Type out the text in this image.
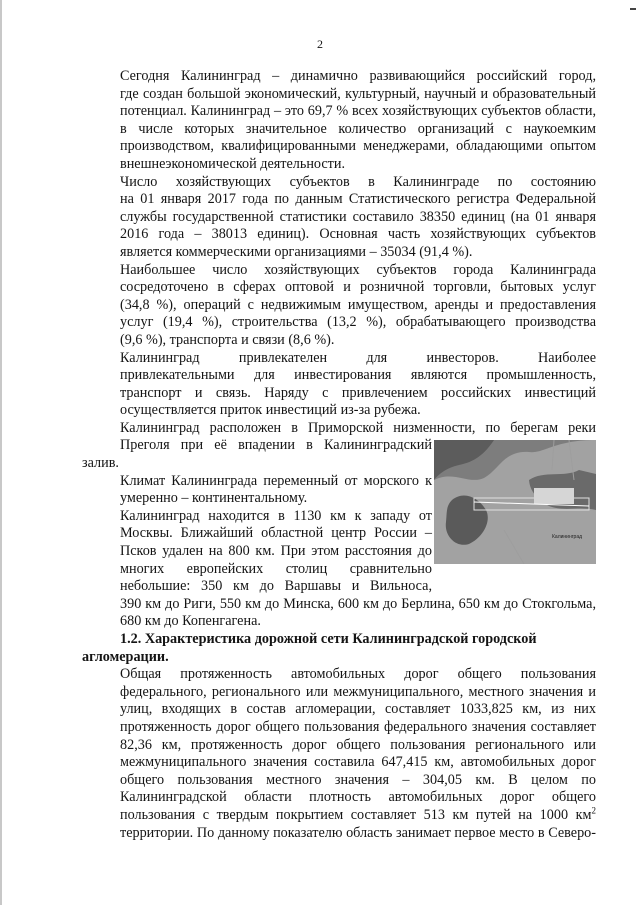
2

Сегодня Калининград – динамично развивающийся российский город,
где создан большой экономический, культурный, научный и образовательный
потенциал. Калининград – это 69,7 % всех хозяйствующих субъектов области,
в числе которых значительное количество организаций с наукоемким
производством, квалифицированными менеджерами, обладающими опытом
внешнеэкономической деятельности.

Число хозяйствующих субъектов в Калининграде по состоянию
на 01 января 2017 года по данным Статистического регистра Федеральной
службы государственной статистики составило 38350 единиц (на 01 января
2016 года – 38013 единиц). Основная часть хозяйствующих субъектов
является коммерческими организациями – 35034 (91,4 %).

Наибольшее число хозяйствующих субъектов города Калининграда
сосредоточено в сферах оптовой и розничной торговли, бытовых услуг
(34,8 %), операций с недвижимым имуществом, аренды и предоставления
услуг (19,4 %), строительства (13,2 %), обрабатывающего производства
(9,6 %), транспорта и связи (8,6 %).

Калининград привлекателен для инвесторов. Наиболее
привлекательными для инвестирования являются промышленность,
транспорт и связь. Наряду с привлечением российских инвестиций
осуществляется приток инвестиций из-за рубежа.

Калининград

Калининград расположен в Приморской низменности, по берегам реки
Преголя при её впадении в Калининградский залив.
Климат Калининграда переменный от морского к
умеренно – континентальному.

Калининград находится в 1130 км к западу от
Москвы. Ближайший областной центр России –
Псков удален на 800 км. При этом расстояния до
многих европейских столиц сравнительно
небольшие: 350 км до Варшавы и Вильноса,
390 км до Риги, 550 км до Минска, 600 км до Берлина, 650 км до Стокгольма,
680 км до Копенгагена.

1.2. Характеристика дорожной сети Калининградской городской
агломерации.

Общая протяженность автомобильных дорог общего пользования
федерального, регионального или межмуниципального, местного значения и
улиц, входящих в состав агломерации, составляет 1033,825 км, из них
протяженность дорог общего пользования федерального значения составляет
82,36 км, протяженность дорог общего пользования регионального или
межмуниципального значения составила 647,415 км, автомобильных дорог
общего пользования местного значения – 304,05 км. В целом по
Калининградской области плотность автомобильных дорог общего
пользования с твердым покрытием составляет 513 км путей на 1000 $км^2$
территории. По данному показателю область занимает первое место в Северо-
